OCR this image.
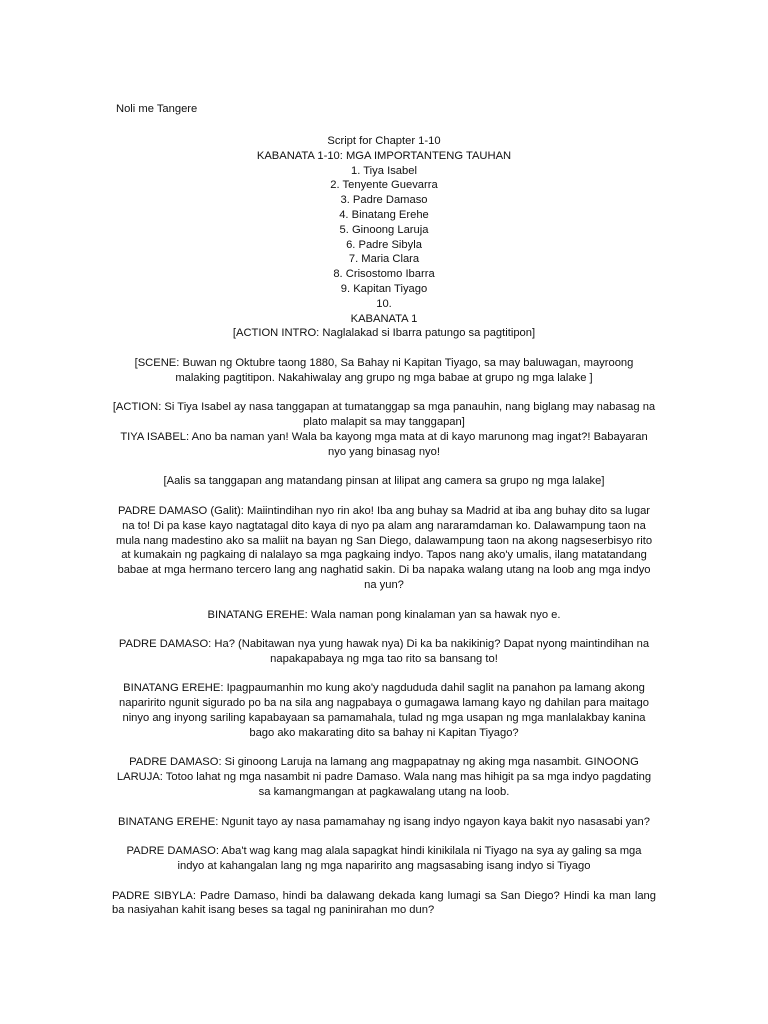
Noli me Tangere

Script for Chapter 1-10

KABANATA 1-10: MGA IMPORTANTENG TAUHAN

1. Tiya Isabel

2. Tenyente Guevarra

3. Padre Damaso

4. Binatang Erehe

5. Ginoong Laruja

6. Padre Sibyla

7. Maria Clara

8. Crisostomo Ibarra

9. Kapitan Tiyago

10.

KABANATA 1

[ACTION INTRO: Naglalakad si Ibarra patungo sa pagtitipon]

[SCENE: Buwan ng Oktubre taong 1880, Sa Bahay ni Kapitan Tiyago, sa may baluwagan, mayroong malaking pagtitipon. Nakahiwalay ang grupo ng mga babae at grupo ng mga lalake ]

[ACTION: Si Tiya Isabel ay nasa tanggapan at tumatanggap sa mga panauhin, nang biglang may nabasag na plato malapit sa may tanggapan]

TIYA ISABEL: Ano ba naman yan! Wala ba kayong mga mata at di kayo marunong mag ingat?! Babayaran nyo yang binasag nyo!

[Aalis sa tanggapan ang matandang pinsan at lilipat ang camera sa grupo ng mga lalake]

PADRE DAMASO (Galit): Maiintindihan nyo rin ako! Iba ang buhay sa Madrid at iba ang buhay dito sa lugar na to! Di pa kase kayo nagtatagal dito kaya di nyo pa alam ang nararamdaman ko. Dalawampung taon na mula nang madestino ako sa maliit na bayan ng San Diego, dalawampung taon na akong nagseserbisyo rito at kumakain ng pagkaing di nalalayo sa mga pagkaing indyo. Tapos nang ako'y umalis, ilang matatandang babae at mga hermano tercero lang ang naghatid sakin. Di ba napaka walang utang na loob ang mga indyo na yun?

BINATANG EREHE: Wala naman pong kinalaman yan sa hawak nyo e.

PADRE DAMASO: Ha? (Nabitawan nya yung hawak nya) Di ka ba nakikinig? Dapat nyong maintindihan na napakapabaya ng mga tao rito sa bansang to!

BINATANG EREHE: Ipagpaumanhin mo kung ako'y nagdududa dahil saglit na panahon pa lamang akong naparirito ngunit sigurado po ba na sila ang nagpabaya o gumagawa lamang kayo ng dahilan para maitago ninyo ang inyong sariling kapabayaan sa pamamahala, tulad ng mga usapan ng mga manlalakbay kanina bago ako makarating dito sa bahay ni Kapitan Tiyago?

PADRE DAMASO: Si ginoong Laruja na lamang ang magpapatnay ng aking mga nasambit. GINOONG LARUJA: Totoo lahat ng mga nasambit ni padre Damaso. Wala nang mas hihigit pa sa mga indyo pagdating sa kamangmangan at pagkawalang utang na loob.

BINATANG EREHE: Ngunit tayo ay nasa pamamahay ng isang indyo ngayon kaya bakit nyo nasasabi yan?

PADRE DAMASO: Aba't wag kang mag alala sapagkat hindi kinikilala ni Tiyago na sya ay galing sa mga indyo at kahangalan lang ng mga naparirito ang magsasabing isang indyo si Tiyago

PADRE SIBYLA: Padre Damaso, hindi ba dalawang dekada kang lumagi sa San Diego? Hindi ka man lang ba nasiyahan kahit isang beses sa tagal ng paninirahan mo dun?
